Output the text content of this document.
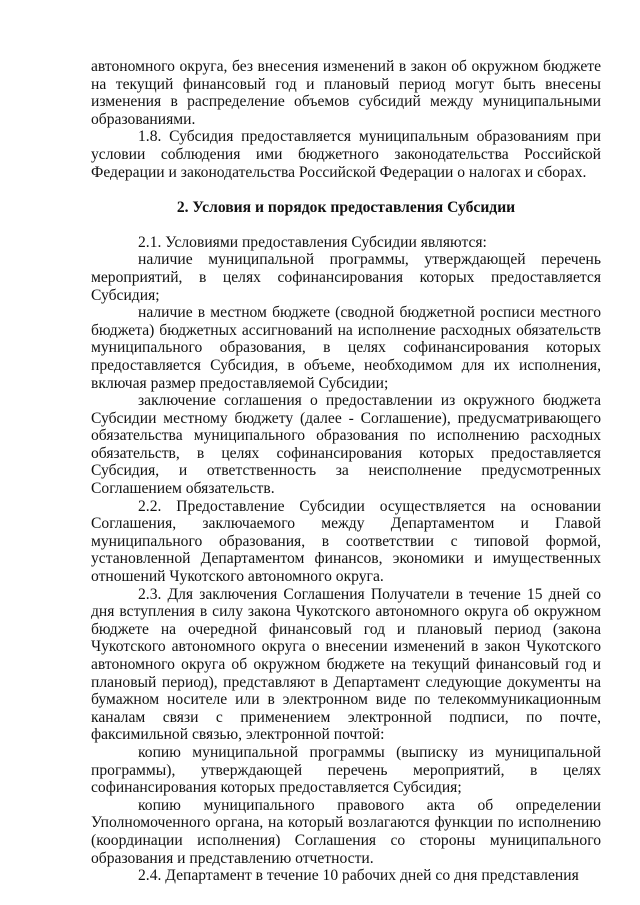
автономного округа, без внесения изменений в закон об окружном бюджете на текущий финансовый год и плановый период могут быть внесены изменения в распределение объемов субсидий между муниципальными образованиями.

1.8. Субсидия предоставляется муниципальным образованиям при условии соблюдения ими бюджетного законодательства Российской Федерации и законодательства Российской Федерации о налогах и сборах.

2. Условия и порядок предоставления Субсидии

2.1. Условиями предоставления Субсидии являются:

наличие муниципальной программы, утверждающей перечень мероприятий, в целях софинансирования которых предоставляется Субсидия;

наличие в местном бюджете (сводной бюджетной росписи местного бюджета) бюджетных ассигнований на исполнение расходных обязательств муниципального образования, в целях софинансирования которых предоставляется Субсидия, в объеме, необходимом для их исполнения, включая размер предоставляемой Субсидии;

заключение соглашения о предоставлении из окружного бюджета Субсидии местному бюджету (далее - Соглашение), предусматривающего обязательства муниципального образования по исполнению расходных обязательств, в целях софинансирования которых предоставляется Субсидия, и ответственность за неисполнение предусмотренных Соглашением обязательств.

2.2. Предоставление Субсидии осуществляется на основании Соглашения, заключаемого между Департаментом и Главой муниципального образования, в соответствии с типовой формой, установленной Департаментом финансов, экономики и имущественных отношений Чукотского автономного округа.

2.3. Для заключения Соглашения Получатели в течение 15 дней со дня вступления в силу закона Чукотского автономного округа об окружном бюджете на очередной финансовый год и плановый период (закона Чукотского автономного округа о внесении изменений в закон Чукотского автономного округа об окружном бюджете на текущий финансовый год и плановый период), представляют в Департамент следующие документы на бумажном носителе или в электронном виде по телекоммуникационным каналам связи с применением электронной подписи, по почте, факсимильной связью, электронной почтой:

копию муниципальной программы (выписку из муниципальной программы), утверждающей перечень мероприятий, в целях софинансирования которых предоставляется Субсидия;

копию муниципального правового акта об определении Уполномоченного органа, на который возлагаются функции по исполнению (координации исполнения) Соглашения со стороны муниципального образования и представлению отчетности.

2.4. Департамент в течение 10 рабочих дней со дня представления
